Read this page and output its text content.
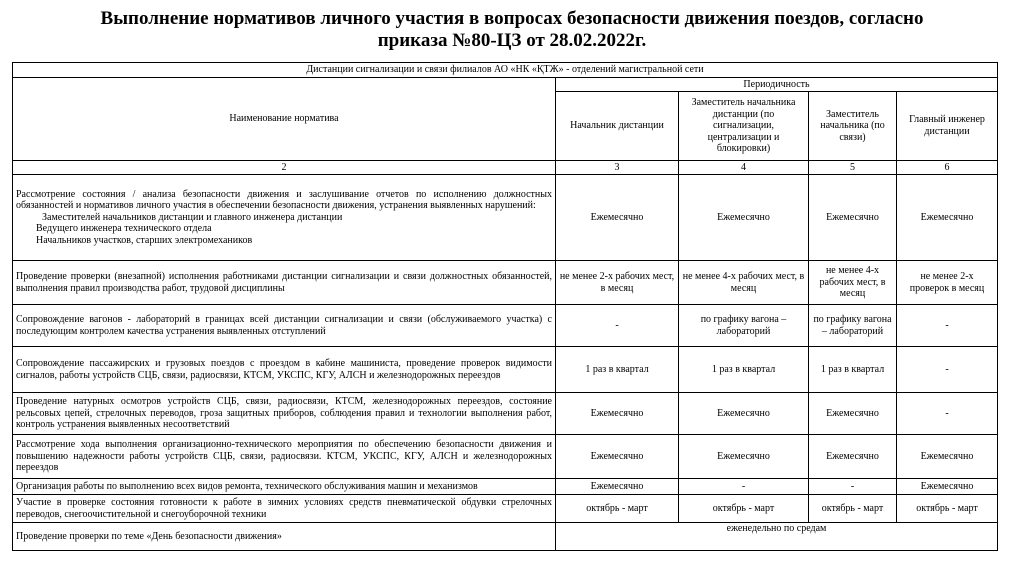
Выполнение нормативов личного участия в вопросах безопасности движения поездов, согласно
приказа №80-ЦЗ от 28.02.2022г.
Дистанции сигнализации и связи филиалов АО «НК «ҚТЖ» - отделений магистральной сети				
Наименование норматива	Периодичность			
	Начальник дистанции	Заместитель начальника дистанции (по сигнализации, централизации и блокировки)	Заместитель начальника (по связи)	Главный инженер дистанции
2	3	4	5	6
Рассмотрение состояния / анализа безопасности движения и заслушивание отчетов по исполнению должностных обязанностей и нормативов личного участия в обеспечении безопасности движения, устранения выявленных нарушений:
Заместителей начальников дистанции и главного инженера дистанции
Ведущего инженера технического отдела
Начальников участков, старших электромехаников	Ежемесячно	Ежемесячно	Ежемесячно	Ежемесячно
Проведение проверки (внезапной) исполнения работниками дистанции сигнализации и связи должностных обязанностей, выполнения правил производства работ, трудовой дисциплины	не менее 2-х рабочих мест, в месяц	не менее 4-х рабочих мест, в месяц	не менее 4-х рабочих мест, в месяц	не менее 2-х проверок в месяц
Сопровождение вагонов - лабораторий в границах всей дистанции сигнализации и связи (обслуживаемого участка) с последующим контролем качества устранения выявленных отступлений	-	по графику вагона – лабораторий	по графику вагона – лабораторий	-
Сопровождение пассажирских и грузовых поездов с проездом в кабине машиниста, проведение проверок видимости сигналов, работы устройств СЦБ, связи, радиосвязи, КТСМ, УКСПС, КГУ, АЛСН и железнодорожных переездов	1 раз в квартал	1 раз в квартал	1 раз в квартал	-
Проведение натурных осмотров устройств СЦБ, связи, радиосвязи, КТСМ, железнодорожных переездов, состояние рельсовых цепей, стрелочных переводов, гроза защитных приборов, соблюдения правил и технологии выполнения работ, контроль устранения выявленных несоответствий	Ежемесячно	Ежемесячно	Ежемесячно	-
Рассмотрение хода выполнения организационно-технического мероприятия по обеспечению безопасности движения и повышению надежности работы устройств СЦБ, связи, радиосвязи. КТСМ, УКСПС, КГУ, АЛСН и железнодорожных переездов	Ежемесячно	Ежемесячно	Ежемесячно	Ежемесячно
Организация работы по выполнению всех видов ремонта, технического обслуживания машин и механизмов	Ежемесячно	-	-	Ежемесячно
Участие в проверке состояния готовности к работе в зимних условиях средств пневматической обдувки стрелочных переводов, снегоочистительной и снегоуборочной техники	октябрь - март	октябрь - март	октябрь - март	октябрь - март
Проведение проверки по теме «День безопасности движения»	еженедельно по средам			
